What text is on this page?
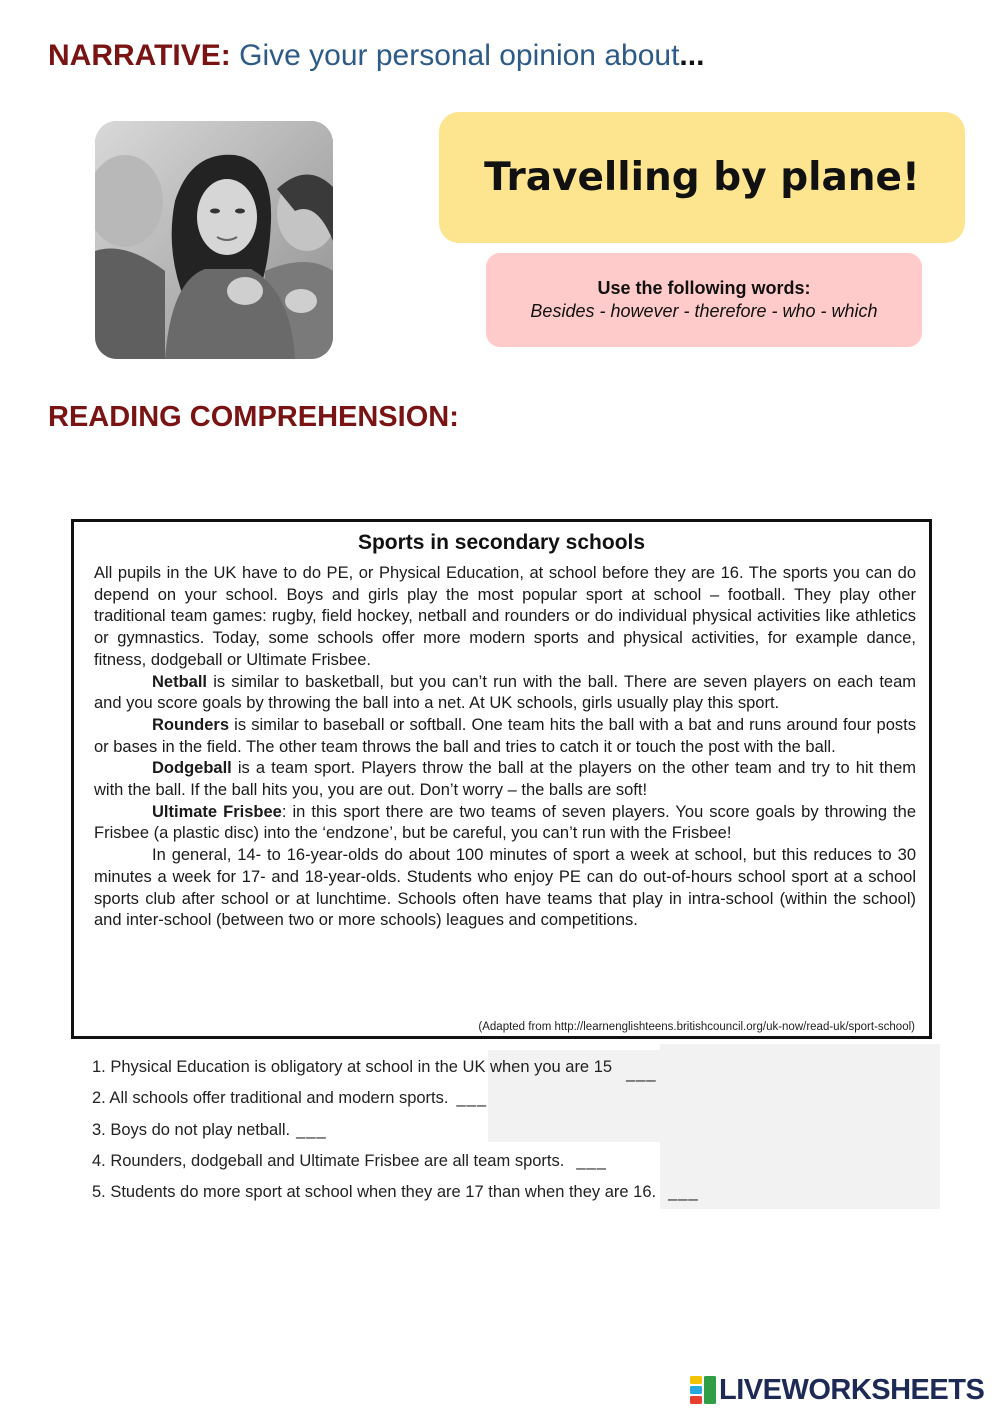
NARRATIVE: Give your personal opinion about...
Travelling by plane!
Use the following words:
Besides - however - therefore - who - which
READING COMPREHENSION:
Sports in secondary schools

All pupils in the UK have to do PE, or Physical Education, at school before they are 16. The sports you can do depend on your school. Boys and girls play the most popular sport at school – football. They play other traditional team games: rugby, field hockey, netball and rounders or do individual physical activities like athletics or gymnastics. Today, some schools offer more modern sports and physical activities, for example dance, fitness, dodgeball or Ultimate Frisbee.

Netball is similar to basketball, but you can’t run with the ball. There are seven players on each team and you score goals by throwing the ball into a net. At UK schools, girls usually play this sport.

Rounders is similar to baseball or softball. One team hits the ball with a bat and runs around four posts or bases in the field. The other team throws the ball and tries to catch it or touch the post with the ball.

Dodgeball is a team sport. Players throw the ball at the players on the other team and try to hit them with the ball. If the ball hits you, you are out. Don’t worry – the balls are soft!

Ultimate Frisbee: in this sport there are two teams of seven players. You score goals by throwing the Frisbee (a plastic disc) into the ‘endzone’, but be careful, you can’t run with the Frisbee!

In general, 14- to 16-year-olds do about 100 minutes of sport a week at school, but this reduces to 30 minutes a week for 17- and 18-year-olds. Students who enjoy PE can do out-of-hours school sport at a school sports club after school or at lunchtime. Schools often have teams that play in intra-school (within the school) and inter-school (between two or more schools) leagues and competitions.

(Adapted from http://learnenglishteens.britishcouncil.org/uk-now/read-uk/sport-school)
1. Physical Education is obligatory at school in the UK when you are 15 ___
2. All schools offer traditional and modern sports. ___
3. Boys do not play netball. ___
4. Rounders, dodgeball and Ultimate Frisbee are all team sports. ___
5. Students do more sport at school when they are 17 than when they are 16. ___
LIVEWORKSHEETS
